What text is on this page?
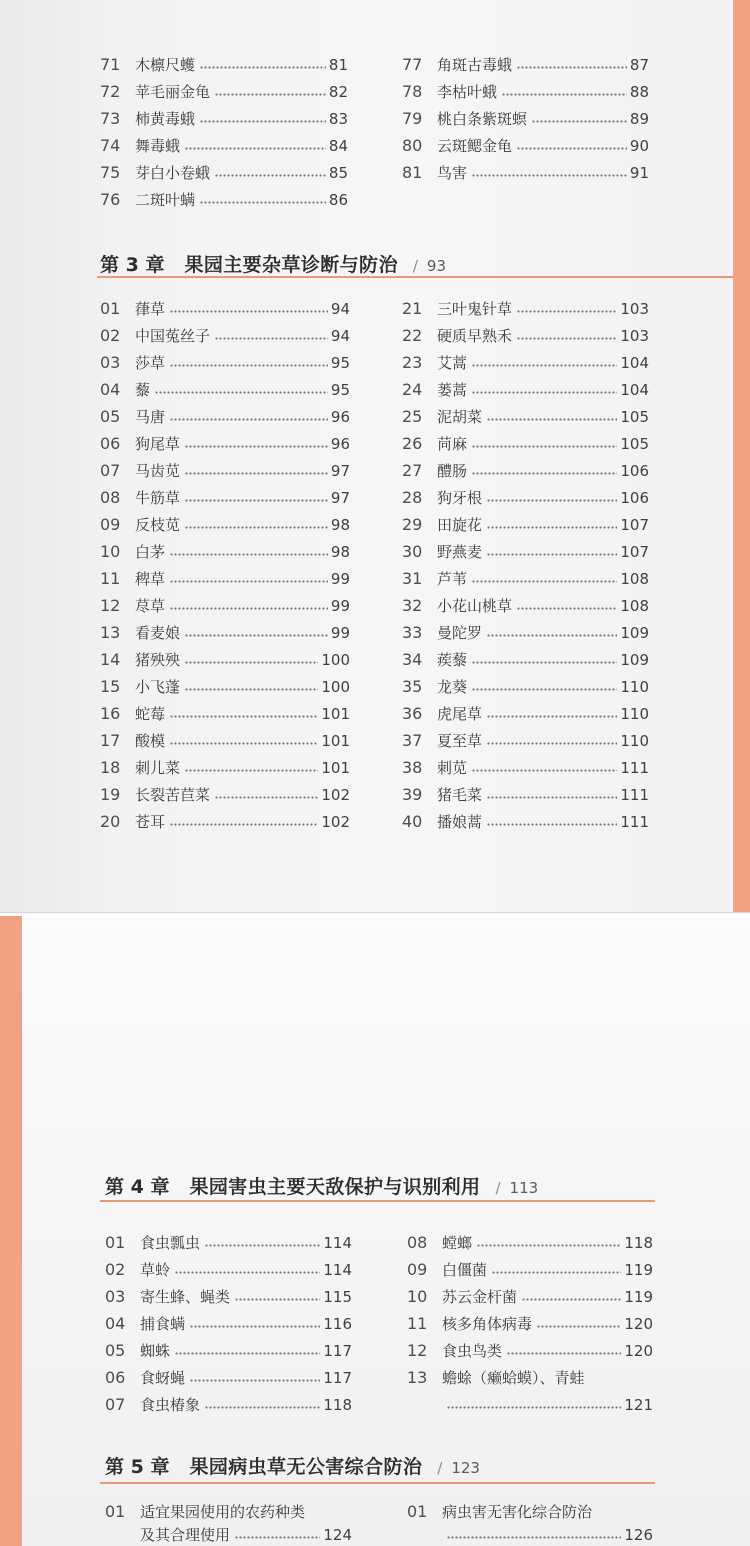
71 木檩尺蠖	81
72 苹毛丽金龟	82
73 柿黄毒蛾	83
74 舞毒蛾	84
75 芽白小卷蛾	85
76 二斑叶螨	86
77 角斑古毒蛾	87
78 李枯叶蛾	88
79 桃白条紫斑螟	89
80 云斑鳃金龟	90
81 鸟害	91
第 3 章 果园主要杂草诊断与防治 / 93
01 葎草	94
02 中国菟丝子	94
03 莎草	95
04 藜	95
05 马唐	96
06 狗尾草	96
07 马齿苋	97
08 牛筋草	97
09 反枝苋	98
10 白茅	98
11 稗草	99
12 荩草	99
13 看麦娘	99
14 猪殃殃	100
15 小飞蓬	100
16 蛇莓	101
17 酸模	101
18 刺儿菜	101
19 长裂苦苣菜	102
20 苍耳	102
21 三叶鬼针草	103
22 硬质早熟禾	103
23 艾蒿	104
24 蒌蒿	104
25 泥胡菜	105
26 苘麻	105
27 醴肠	106
28 狗牙根	106
29 田旋花	107
30 野燕麦	107
31 芦苇	108
32 小花山桃草	108
33 曼陀罗	109
34 蒺藜	109
35 龙葵	110
36 虎尾草	110
37 夏至草	110
38 刺苋	111
39 猪毛菜	111
40 播娘蒿	111
第 4 章 果园害虫主要天敌保护与识别利用 / 113
01 食虫瓢虫	114
02 草蛉	114
03 寄生蜂、蝇类	115
04 捕食螨	116
05 蜘蛛	117
06 食蚜蝇	117
07 食虫椿象	118
08 螳螂	118
09 白僵菌	119
10 苏云金杆菌	119
11 核多角体病毒	120
12 食虫鸟类	120
13 蟾蜍（癞蛤蟆）、青蛙
121
第 5 章 果园病虫草无公害综合防治 / 123
01 适宜果园使用的农药种类
及其合理使用	124
01 病虫害无害化综合防治
126
